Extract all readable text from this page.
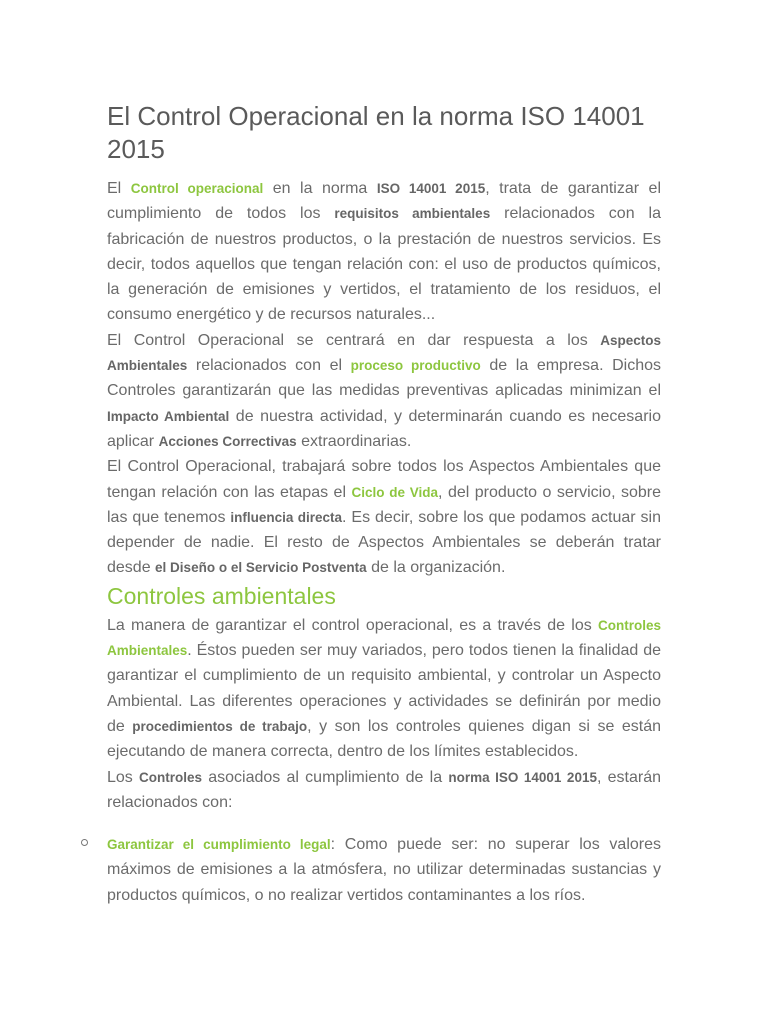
El Control Operacional en la norma ISO 14001 2015

El Control operacional en la norma ISO 14001 2015, trata de garantizar el cumplimiento de todos los requisitos ambientales relacionados con la fabricación de nuestros productos, o la prestación de nuestros servicios. Es decir, todos aquellos que tengan relación con: el uso de productos químicos, la generación de emisiones y vertidos, el tratamiento de los residuos, el consumo energético y de recursos naturales...

El Control Operacional se centrará en dar respuesta a los Aspectos Ambientales relacionados con el proceso productivo de la empresa. Dichos Controles garantizarán que las medidas preventivas aplicadas minimizan el Impacto Ambiental de nuestra actividad, y determinarán cuando es necesario aplicar Acciones Correctivas extraordinarias.

El Control Operacional, trabajará sobre todos los Aspectos Ambientales que tengan relación con las etapas el Ciclo de Vida, del producto o servicio, sobre las que tenemos influencia directa. Es decir, sobre los que podamos actuar sin depender de nadie. El resto de Aspectos Ambientales se deberán tratar desde el Diseño o el Servicio Postventa de la organización.

Controles ambientales

La manera de garantizar el control operacional, es a través de los Controles Ambientales. Éstos pueden ser muy variados, pero todos tienen la finalidad de garantizar el cumplimiento de un requisito ambiental, y controlar un Aspecto Ambiental. Las diferentes operaciones y actividades se definirán por medio de procedimientos de trabajo, y son los controles quienes digan si se están ejecutando de manera correcta, dentro de los límites establecidos.

Los Controles asociados al cumplimiento de la norma ISO 14001 2015, estarán relacionados con:

Garantizar el cumplimiento legal: Como puede ser: no superar los valores máximos de emisiones a la atmósfera, no utilizar determinadas sustancias y productos químicos, o no realizar vertidos contaminantes a los ríos.
